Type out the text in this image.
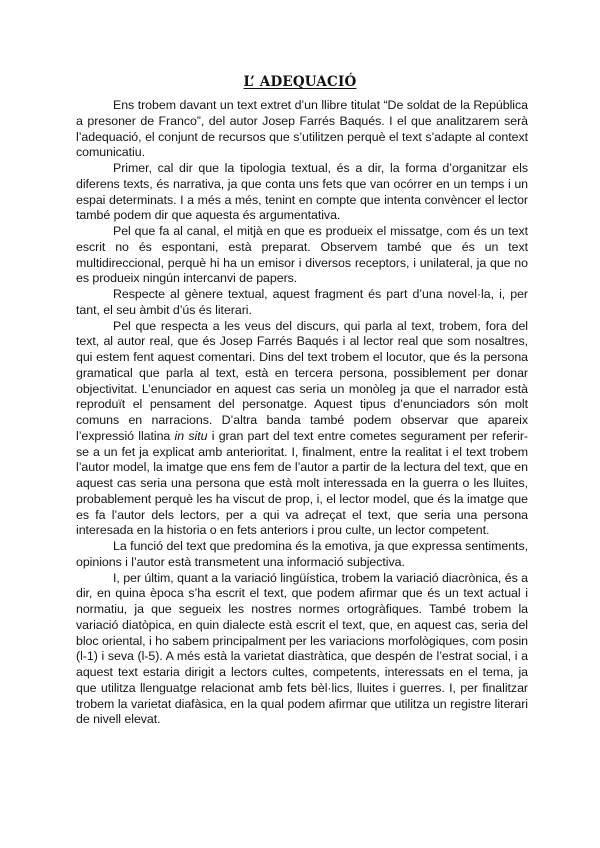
L’ ADEQUACIÓ

Ens trobem davant un text extret d’un llibre titulat “De soldat de la República a presoner de Franco”, del autor Josep Farrés Baqués. I el que analitzarem serà l’adequació, el conjunt de recursos que s’utilitzen perquè el text s’adapte al context comunicatiu.

Primer, cal dir que la tipologia textual, és a dir, la forma d’organitzar els diferens texts, és narrativa, ja que conta uns fets que van ocórrer en un temps i un espai determinats. I a més a més, tenint en compte que intenta convèncer el lector també podem dir que aquesta és argumentativa.

Pel que fa al canal, el mitjà en que es produeix el missatge, com és un text escrit no és espontani, està preparat. Observem també que és un text multidireccional, perquè hi ha un emisor i diversos receptors, i unilateral, ja que no es produeix ningún intercanvi de papers.

Respecte al gènere textual, aquest fragment és part d’una novel·la, i, per tant, el seu àmbit d’ús és literari.

Pel que respecta a les veus del discurs, qui parla al text, trobem, fora del text, al autor real, que és Josep Farrés Baqués i al lector real que som nosaltres, qui estem fent aquest comentari. Dins del text trobem el locutor, que és la persona gramatical que parla al text, està en tercera persona, possiblement per donar objectivitat. L’enunciador en aquest cas seria un monòleg ja que el narrador està reproduït el pensament del personatge. Aquest tipus d’enunciadors són molt comuns en narracions. D’altra banda també podem observar que apareix l’expressió llatina in situ i gran part del text entre cometes segurament per referir-se a un fet ja explicat amb anterioritat. I, finalment, entre la realitat i el text trobem l’autor model, la imatge que ens fem de l’autor a partir de la lectura del text, que en aquest cas seria una persona que està molt interessada en la guerra o les lluites, probablement perquè les ha viscut de prop, i, el lector model, que és la imatge que es fa l’autor dels lectors, per a qui va adreçat el text, que seria una persona interesada en la historia o en fets anteriors i prou culte, un lector competent.

La funció del text que predomina és la emotiva, ja que expressa sentiments, opinions i l’autor està transmetent una informació subjectiva.

I, per últim, quant a la variació lingüística, trobem la variació diacrònica, és a dir, en quina època s’ha escrit el text, que podem afirmar que és un text actual i normatiu, ja que segueix les nostres normes ortogràfiques. També trobem la variació diatòpica, en quin dialecte està escrit el text, que, en aquest cas, seria del bloc oriental, i ho sabem principalment per les variacions morfològiques, com posin (l-1) i seva (l-5). A més està la varietat diastràtica, que despén de l’estrat social, i a aquest text estaria dirigit a lectors cultes, competents, interessats en el tema, ja que utilitza llenguatge relacionat amb fets bèl·lics, lluites i guerres. I, per finalitzar trobem la varietat diafàsica, en la qual podem afirmar que utilitza un registre literari de nivell elevat.
